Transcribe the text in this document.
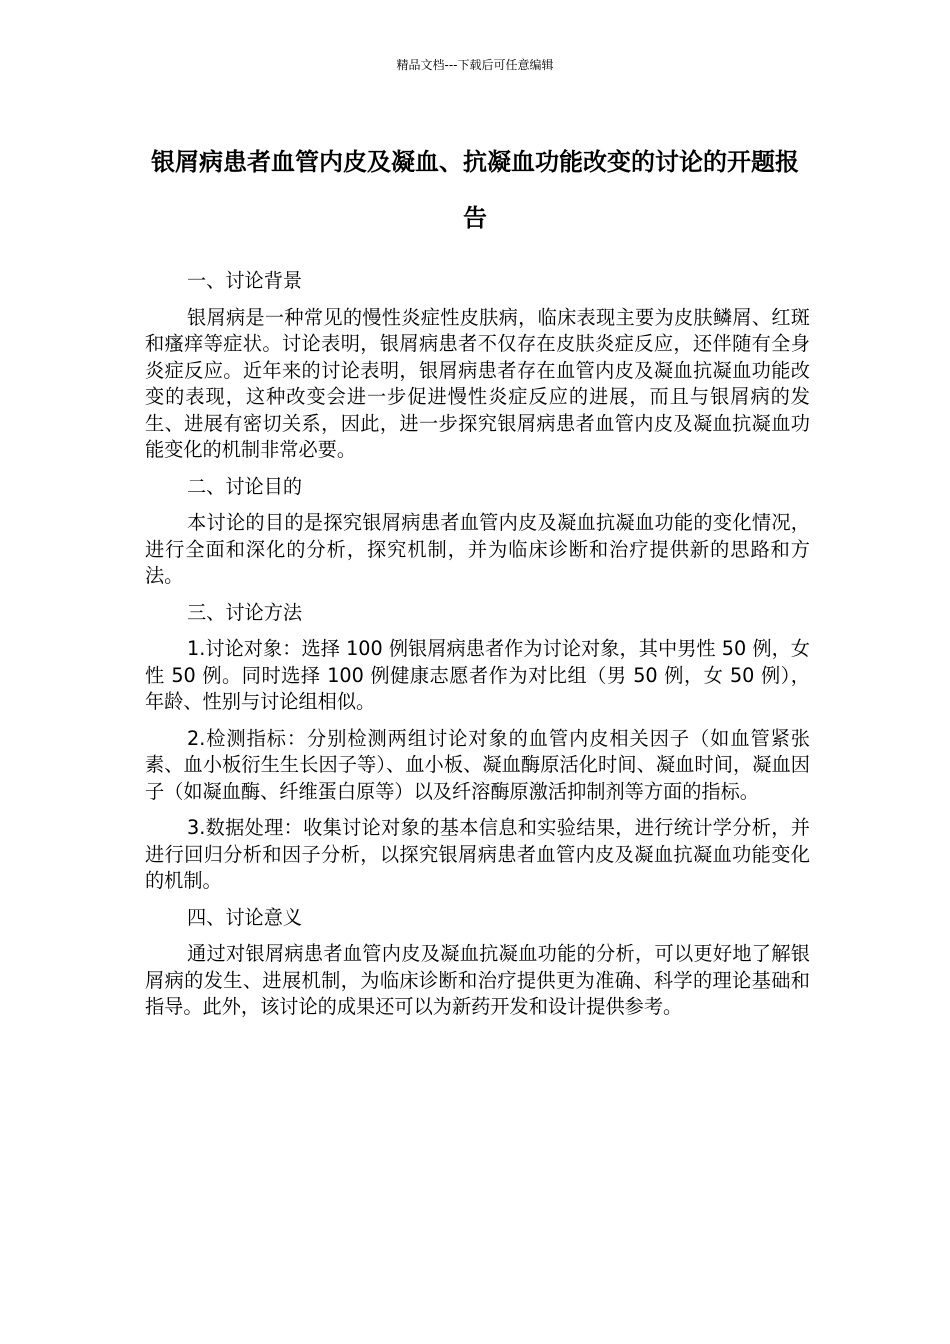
精品文档---下载后可任意编辑
银屑病患者血管内皮及凝血、抗凝血功能改变的讨论的开题报告
一、讨论背景

银屑病是一种常见的慢性炎症性皮肤病，临床表现主要为皮肤鳞屑、红斑和瘙痒等症状。讨论表明，银屑病患者不仅存在皮肤炎症反应，还伴随有全身炎症反应。近年来的讨论表明，银屑病患者存在血管内皮及凝血抗凝血功能改变的表现，这种改变会进一步促进慢性炎症反应的进展，而且与银屑病的发生、进展有密切关系，因此，进一步探究银屑病患者血管内皮及凝血抗凝血功能变化的机制非常必要。

二、讨论目的

本讨论的目的是探究银屑病患者血管内皮及凝血抗凝血功能的变化情况，进行全面和深化的分析，探究机制，并为临床诊断和治疗提供新的思路和方法。

三、讨论方法

1.讨论对象：选择 100 例银屑病患者作为讨论对象，其中男性 50 例，女性 50 例。同时选择 100 例健康志愿者作为对比组（男 50 例，女 50 例），年龄、性别与讨论组相似。

2.检测指标：分别检测两组讨论对象的血管内皮相关因子（如血管紧张素、血小板衍生生长因子等）、血小板、凝血酶原活化时间、凝血时间，凝血因子（如凝血酶、纤维蛋白原等）以及纤溶酶原激活抑制剂等方面的指标。

3.数据处理：收集讨论对象的基本信息和实验结果，进行统计学分析，并进行回归分析和因子分析，以探究银屑病患者血管内皮及凝血抗凝血功能变化的机制。

四、讨论意义

通过对银屑病患者血管内皮及凝血抗凝血功能的分析，可以更好地了解银屑病的发生、进展机制，为临床诊断和治疗提供更为准确、科学的理论基础和指导。此外，该讨论的成果还可以为新药开发和设计提供参考。
